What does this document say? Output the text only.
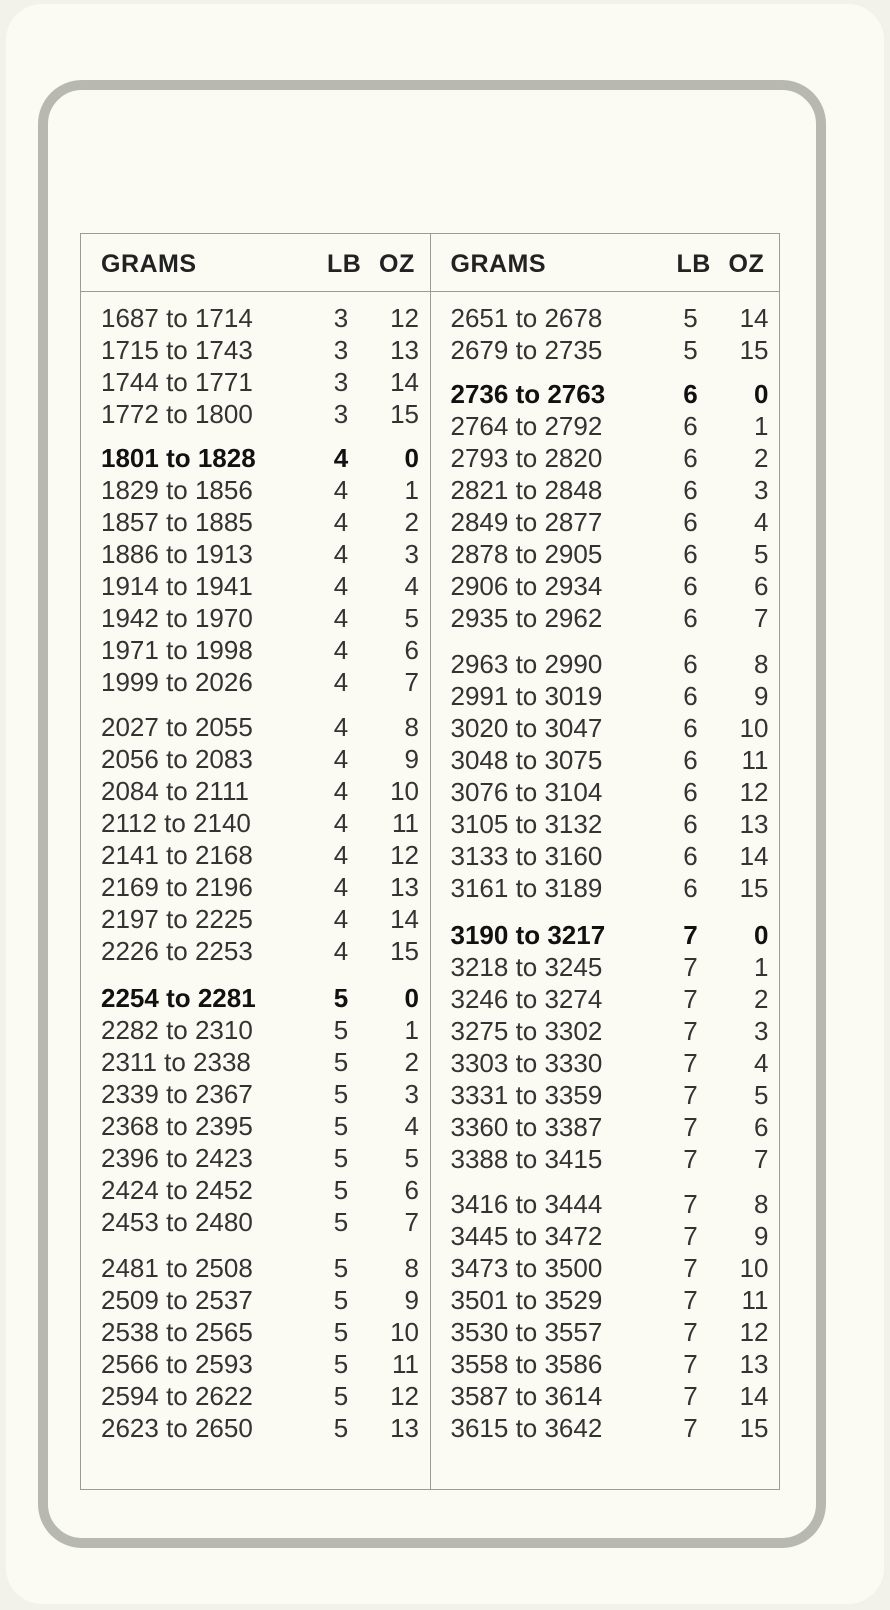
GRAMS	LB OZ
1687 to 1714	3	12
1715 to 1743	3	13
1744 to 1771	3	14
1772 to 1800	3	15
1801 to 1828	4	0
1829 to 1856	4	1
1857 to 1885	4	2
1886 to 1913	4	3
1914 to 1941	4	4
1942 to 1970	4	5
1971 to 1998	4	6
1999 to 2026	4	7
2027 to 2055	4	8
2056 to 2083	4	9
2084 to 2111	4	10
2112 to 2140	4	11
2141 to 2168	4	12
2169 to 2196	4	13
2197 to 2225	4	14
2226 to 2253	4	15
2254 to 2281	5	0
2282 to 2310	5	1
2311 to 2338	5	2
2339 to 2367	5	3
2368 to 2395	5	4
2396 to 2423	5	5
2424 to 2452	5	6
2453 to 2480	5	7
2481 to 2508	5	8
2509 to 2537	5	9
2538 to 2565	5	10
2566 to 2593	5	11
2594 to 2622	5	12
2623 to 2650	5	13
GRAMS	LB OZ
2651 to 2678	5	14
2679 to 2735	5	15
2736 to 2763	6	0
2764 to 2792	6	1
2793 to 2820	6	2
2821 to 2848	6	3
2849 to 2877	6	4
2878 to 2905	6	5
2906 to 2934	6	6
2935 to 2962	6	7
2963 to 2990	6	8
2991 to 3019	6	9
3020 to 3047	6	10
3048 to 3075	6	11
3076 to 3104	6	12
3105 to 3132	6	13
3133 to 3160	6	14
3161 to 3189	6	15
3190 to 3217	7	0
3218 to 3245	7	1
3246 to 3274	7	2
3275 to 3302	7	3
3303 to 3330	7	4
3331 to 3359	7	5
3360 to 3387	7	6
3388 to 3415	7	7
3416 to 3444	7	8
3445 to 3472	7	9
3473 to 3500	7	10
3501 to 3529	7	11
3530 to 3557	7	12
3558 to 3586	7	13
3587 to 3614	7	14
3615 to 3642	7	15
